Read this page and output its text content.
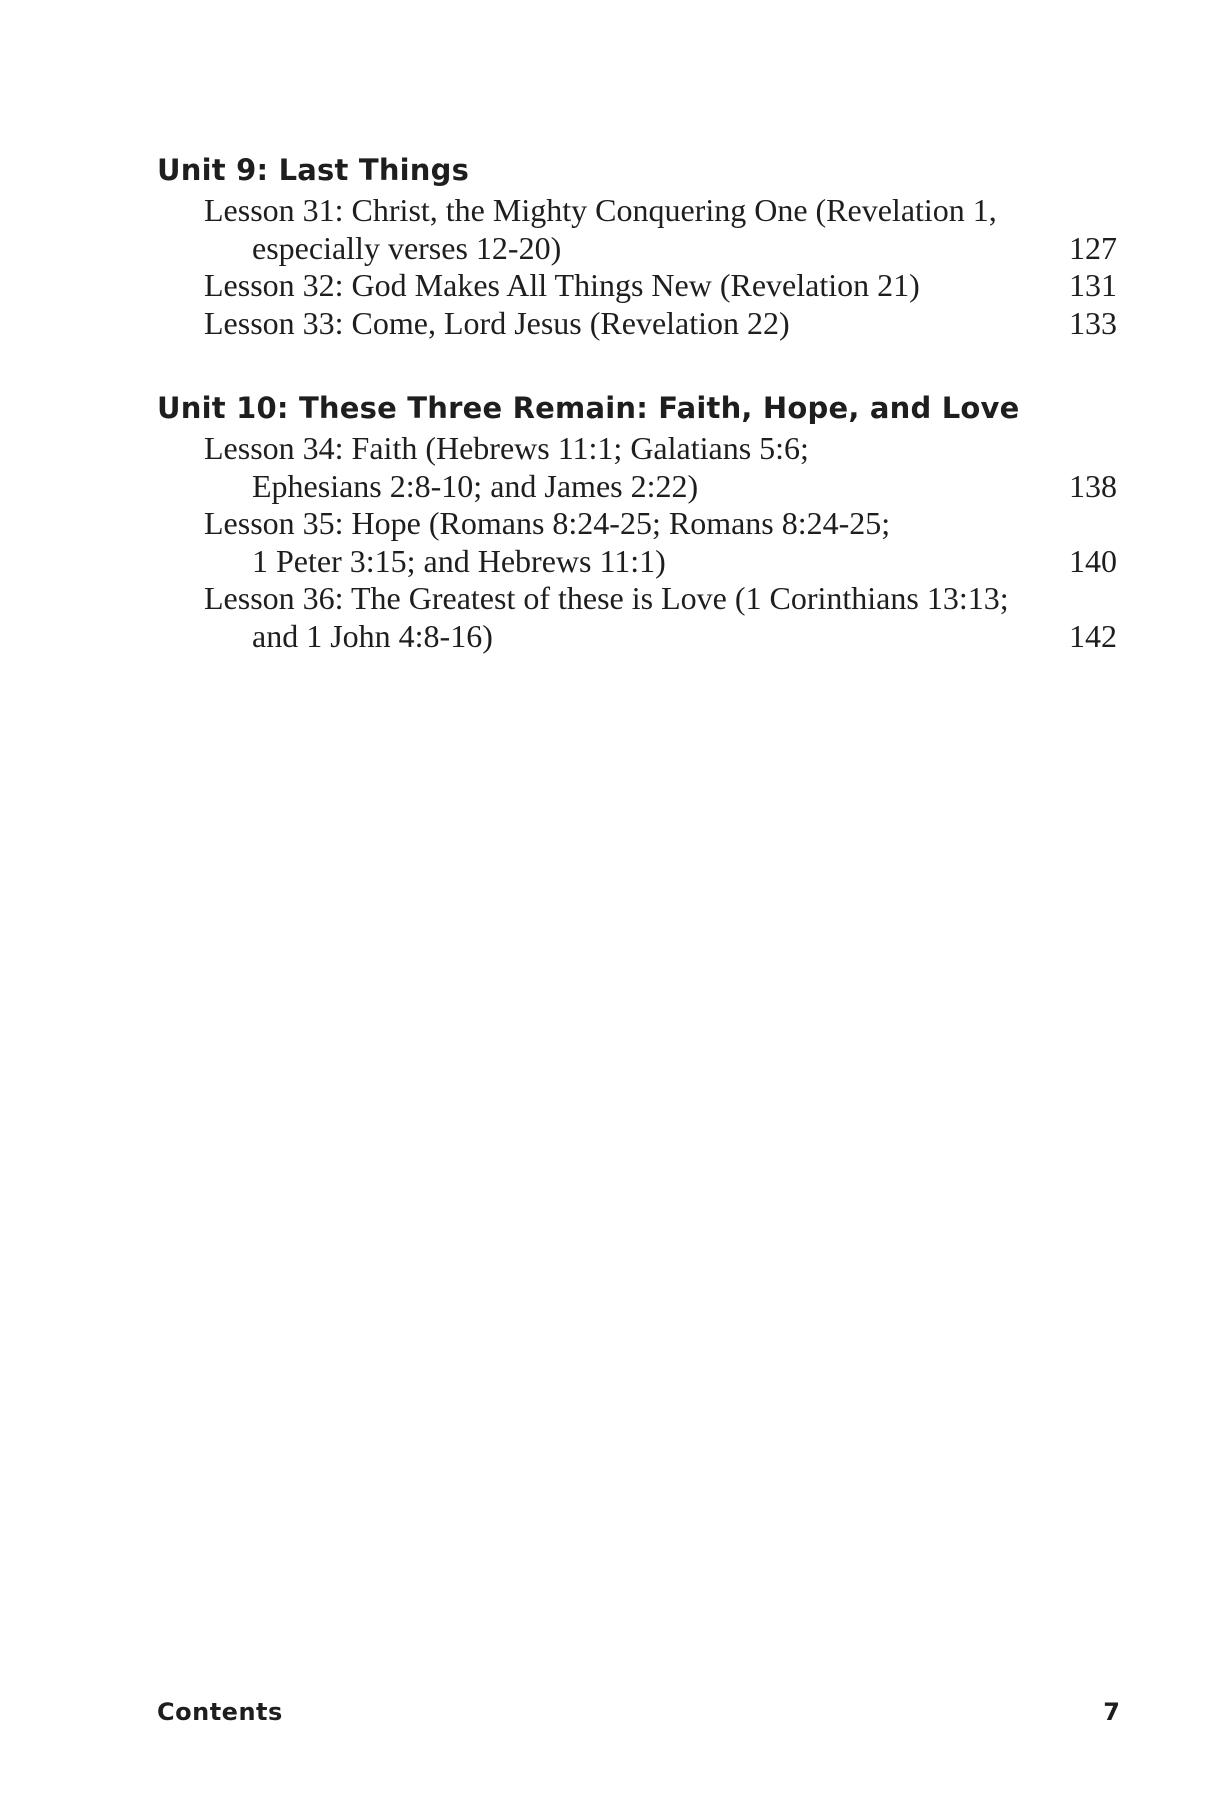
Unit 9: Last Things
Lesson 31: Christ, the Mighty Conquering One (Revelation 1,
especially verses 12-20)	127
Lesson 32: God Makes All Things New (Revelation 21)	131
Lesson 33: Come, Lord Jesus (Revelation 22)	133
Unit 10: These Three Remain: Faith, Hope, and Love
Lesson 34: Faith (Hebrews 11:1; Galatians 5:6;
Ephesians 2:8-10; and James 2:22)	138
Lesson 35: Hope (Romans 8:24-25; Romans 8:24-25;
1 Peter 3:15; and Hebrews 11:1)	140
Lesson 36: The Greatest of these is Love (1 Corinthians 13:13;
and 1 John 4:8-16)	142
Contents	7
